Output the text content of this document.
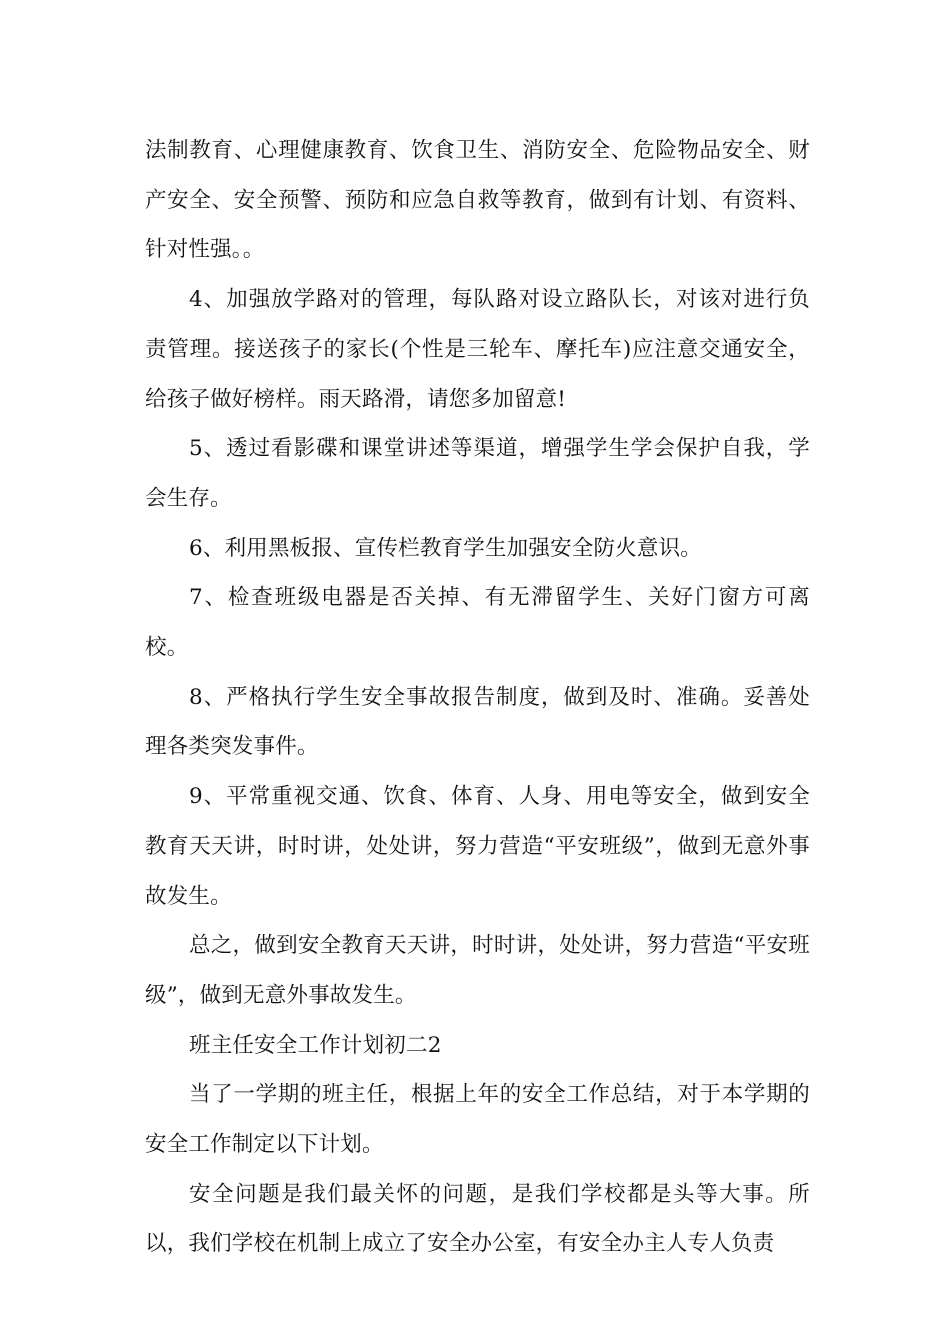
法制教育、心理健康教育、饮食卫生、消防安全、危险物品安全、财产安全、安全预警、预防和应急自救等教育，做到有计划、有资料、针对性强。。

4、加强放学路对的管理，每队路对设立路队长，对该对进行负责管理。接送孩子的家长(个性是三轮车、摩托车)应注意交通安全，给孩子做好榜样。雨天路滑，请您多加留意!

5、透过看影碟和课堂讲述等渠道，增强学生学会保护自我，学会生存。

6、利用黑板报、宣传栏教育学生加强安全防火意识。

7、检查班级电器是否关掉、有无滞留学生、关好门窗方可离校。

8、严格执行学生安全事故报告制度，做到及时、准确。妥善处理各类突发事件。

9、平常重视交通、饮食、体育、人身、用电等安全，做到安全教育天天讲，时时讲，处处讲，努力营造“平安班级”，做到无意外事故发生。

总之，做到安全教育天天讲，时时讲，处处讲，努力营造“平安班级”，做到无意外事故发生。

班主任安全工作计划初二2

当了一学期的班主任，根据上年的安全工作总结，对于本学期的安全工作制定以下计划。

安全问题是我们最关怀的问题，是我们学校都是头等大事。所以，我们学校在机制上成立了安全办公室，有安全办主人专人负责
